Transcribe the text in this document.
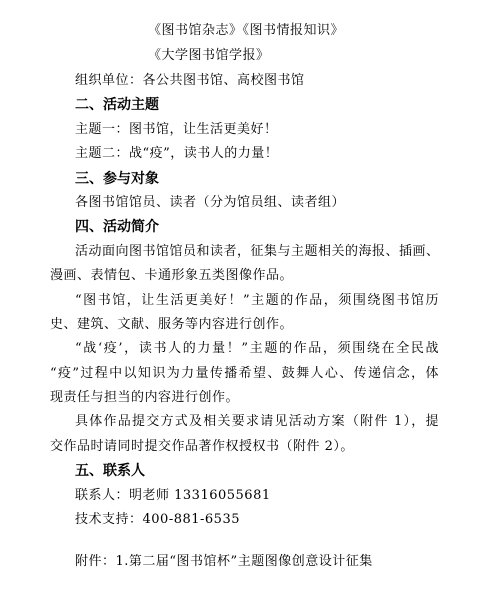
《图书馆杂志》《图书情报知识》
《大学图书馆学报》
组织单位：各公共图书馆、高校图书馆
二、活动主题
主题一：图书馆，让生活更美好！
主题二：战“疫”，读书人的力量！
三、参与对象
各图书馆馆员、读者（分为馆员组、读者组）
四、活动简介
活动面向图书馆馆员和读者，征集与主题相关的海报、插画、
漫画、表情包、卡通形象五类图像作品。
“图书馆，让生活更美好！”主题的作品，须围绕图书馆历
史、建筑、文献、服务等内容进行创作。
“战‘疫’，读书人的力量！”主题的作品，须围绕在全民战
“疫”过程中以知识为力量传播希望、鼓舞人心、传递信念，体
现责任与担当的内容进行创作。
具体作品提交方式及相关要求请见活动方案（附件 1），提
交作品时请同时提交作品著作权授权书（附件 2）。
五、联系人
联系人：明老师 13316055681
技术支持：400-881-6535
附件：1.第二届“图书馆杯”主题图像创意设计征集
